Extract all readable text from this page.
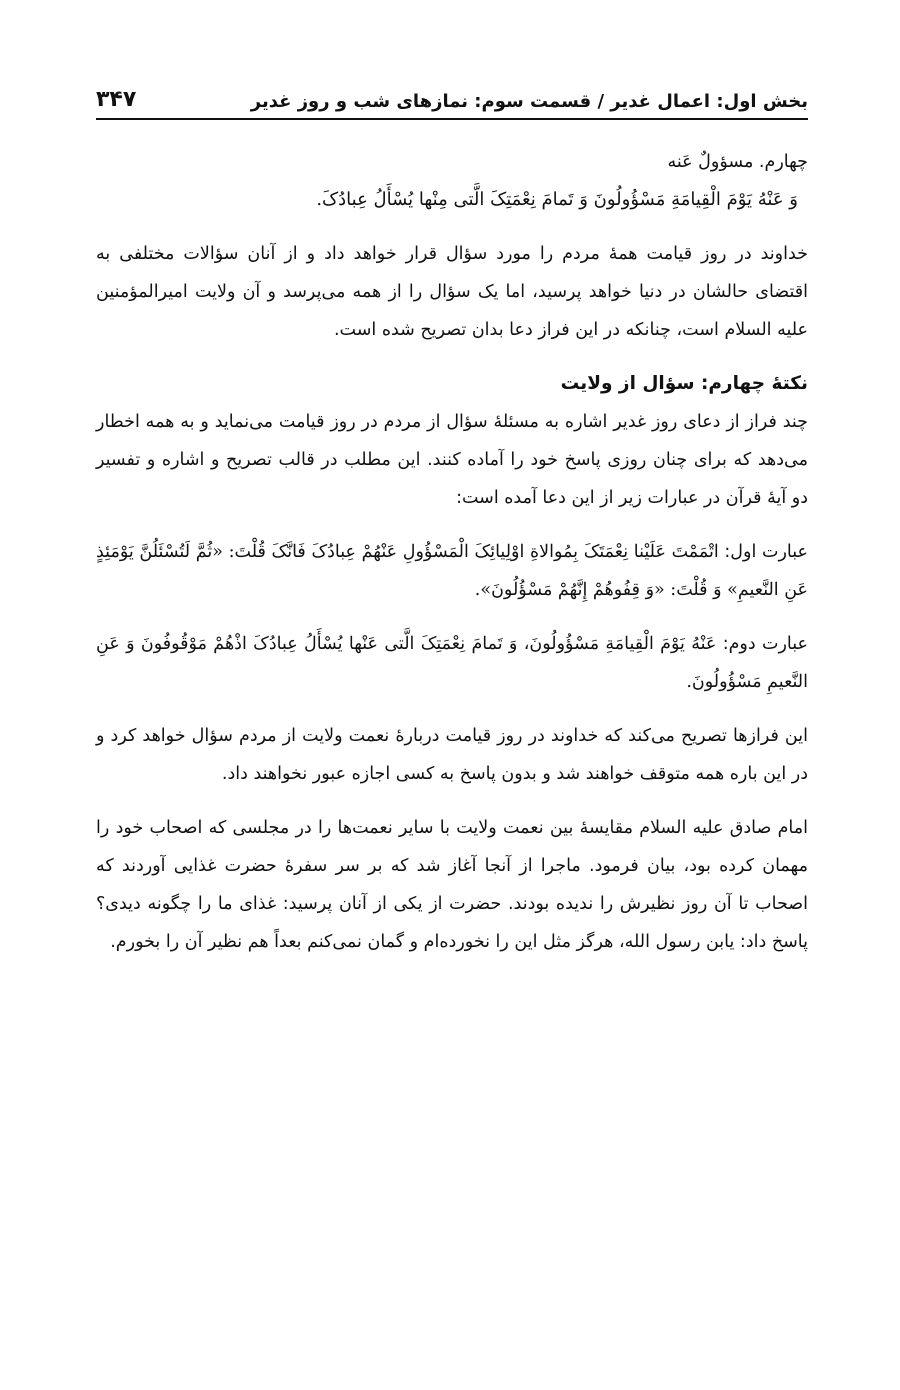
بخش اول: اعمال غدیر / قسمت سوم: نمازهای شب و روز غدیر
۳۴۷

چهارم. مسؤولٌ عَنه

وَ عَنْهُ یَوْمَ الْقِیامَةِ مَسْؤُولُونَ وَ تَمامَ نِعْمَتِکَ الَّتی مِنْها یُسْأَلُ عِبادُکَ.

خداوند در روز قیامت همهٔ مردم را مورد سؤال قرار خواهد داد و از آنان سؤالات مختلفی به اقتضای حالشان در دنیا خواهد پرسید، اما یک سؤال را از همه می‌پرسد و آن ولایت امیرالمؤمنین علیه السلام است، چنانکه در این فراز دعا بدان تصریح شده است.

نکتهٔ چهارم: سؤال از ولایت

چند فراز از دعای روز غدیر اشاره به مسئلهٔ سؤال از مردم در روز قیامت می‌نماید و به همه اخطار می‌دهد که برای چنان روزی پاسخ خود را آماده کنند. این مطلب در قالب تصریح و اشاره و تفسیر دو آیهٔ قرآن در عبارات زیر از این دعا آمده است:

عبارت اول: اتْمَمْتَ عَلَیْنا نِعْمَتَکَ بِمُوالاةِ اوْلِیائِکَ الْمَسْؤُولِ عَنْهُمْ عِبادُکَ فَانَّکَ قُلْتَ: «ثُمَّ لَتُسْئَلُنَّ یَوْمَئِذٍ عَنِ النَّعیمِ» وَ قُلْتَ: «وَ قِفُوهُمْ إِنَّهُمْ مَسْؤُلُونَ».

عبارت دوم: عَنْهُ یَوْمَ الْقِیامَةِ مَسْؤُولُونَ، وَ تَمامَ نِعْمَتِکَ الَّتی عَنْها یُسْأَلُ عِبادُکَ اذْهُمْ مَوْقُوفُونَ وَ عَنِ النَّعیمِ مَسْؤُولُونَ.

این فرازها تصریح می‌کند که خداوند در روز قیامت دربارهٔ نعمت ولایت از مردم سؤال خواهد کرد و در این باره همه متوقف خواهند شد و بدون پاسخ به کسی اجازه عبور نخواهند داد.

امام صادق علیه السلام مقایسهٔ بین نعمت ولایت با سایر نعمت‌ها را در مجلسی که اصحاب خود را مهمان کرده بود، بیان فرمود. ماجرا از آنجا آغاز شد که بر سر سفرهٔ حضرت غذایی آوردند که اصحاب تا آن روز نظیرش را ندیده بودند. حضرت از یکی از آنان پرسید: غذای ما را چگونه دیدی؟ پاسخ داد: یابن رسول الله، هرگز مثل این را نخورده‌ام و گمان نمی‌کنم بعداً هم نظیر آن را بخورم.
